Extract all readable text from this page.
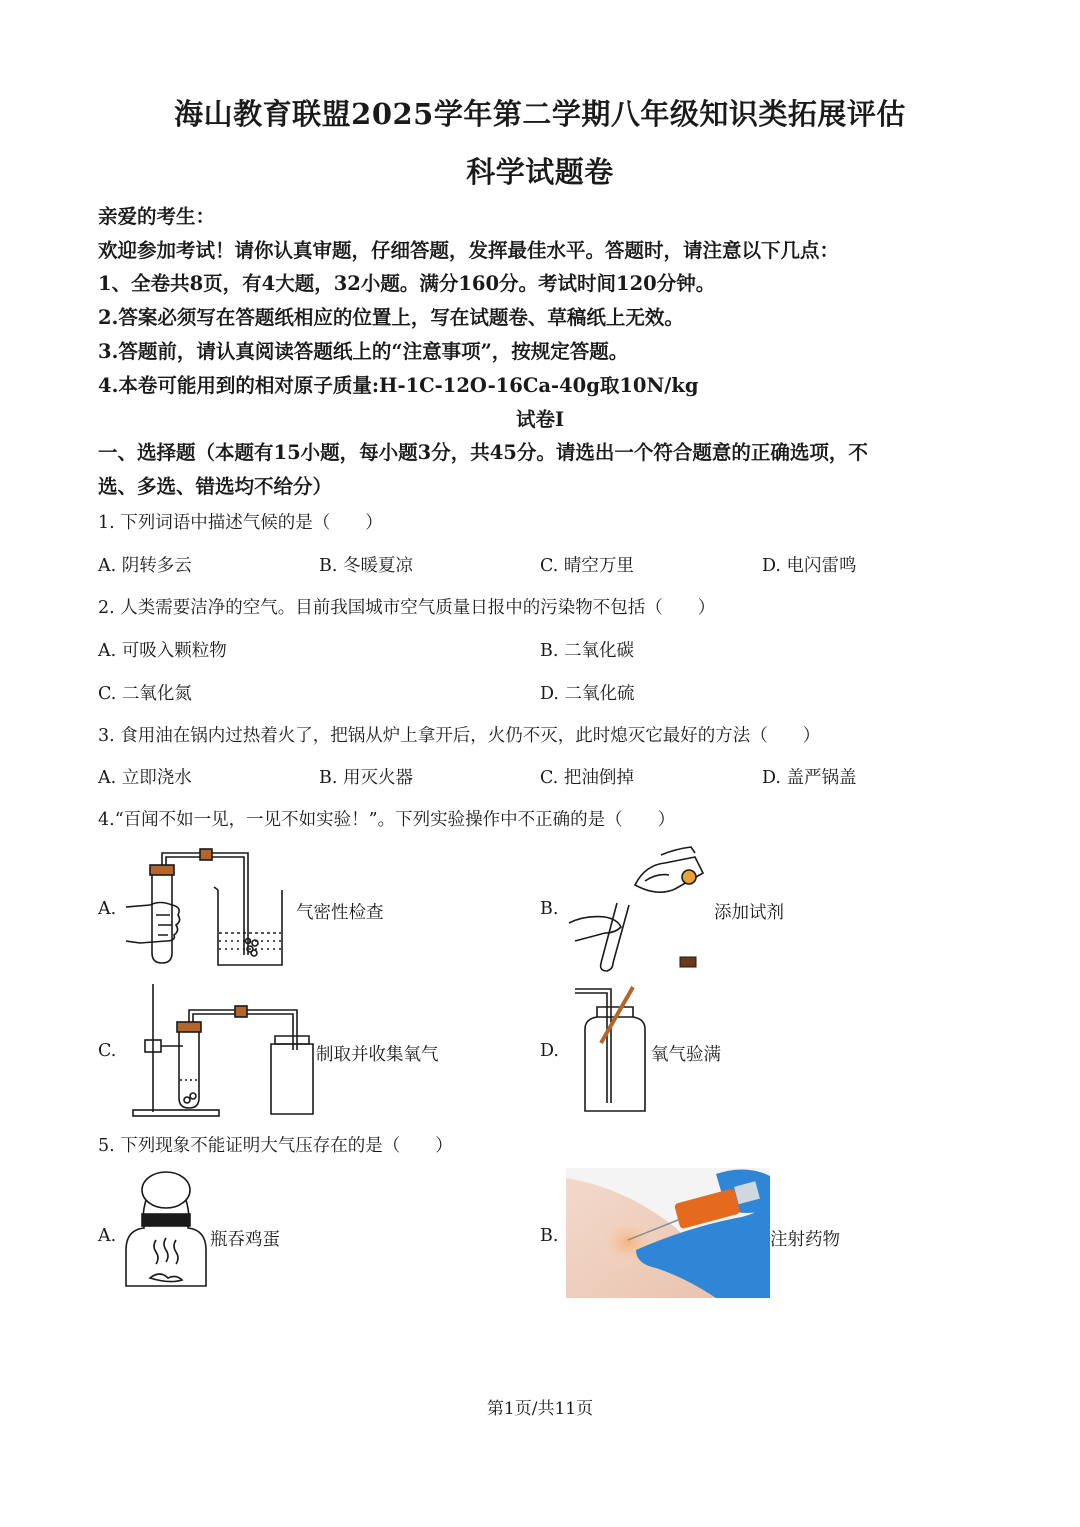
海山教育联盟2025学年第二学期八年级知识类拓展评估
科学试题卷
亲爱的考生：
欢迎参加考试！请你认真审题，仔细答题，发挥最佳水平。答题时，请注意以下几点：
1、全卷共8页，有4大题，32小题。满分160分。考试时间120分钟。
2.答案必须写在答题纸相应的位置上，写在试题卷、草稿纸上无效。
3.答题前，请认真阅读答题纸上的“注意事项”，按规定答题。
4.本卷可能用到的相对原子质量:H-1C-12O-16Ca-40g取10N/kg
试卷Ⅰ
一、选择题（本题有15小题，每小题3分，共45分。请选出一个符合题意的正确选项，不
选、多选、错选均不给分）
1. 下列词语中描述气候的是（　　）
A. 阴转多云	B. 冬暖夏凉	C. 晴空万里	D. 电闪雷鸣
2. 人类需要洁净的空气。目前我国城市空气质量日报中的污染物不包括（　　）
A. 可吸入颗粒物	B. 二氧化碳
C. 二氧化氮	D. 二氧化硫
3. 食用油在锅内过热着火了，把锅从炉上拿开后，火仍不灭，此时熄灭它最好的方法（　　）
A. 立即浇水	B. 用灭火器	C. 把油倒掉	D. 盖严锅盖
4.“百闻不如一见，一见不如实验！”。下列实验操作中不正确的是（　　）
A.	气密性检查	B.	添加试剂
C.	制取并收集氧气	D.	氧气验满
5. 下列现象不能证明大气压存在的是（　　）
A.	瓶吞鸡蛋	B.	注射药物
第1页/共11页
